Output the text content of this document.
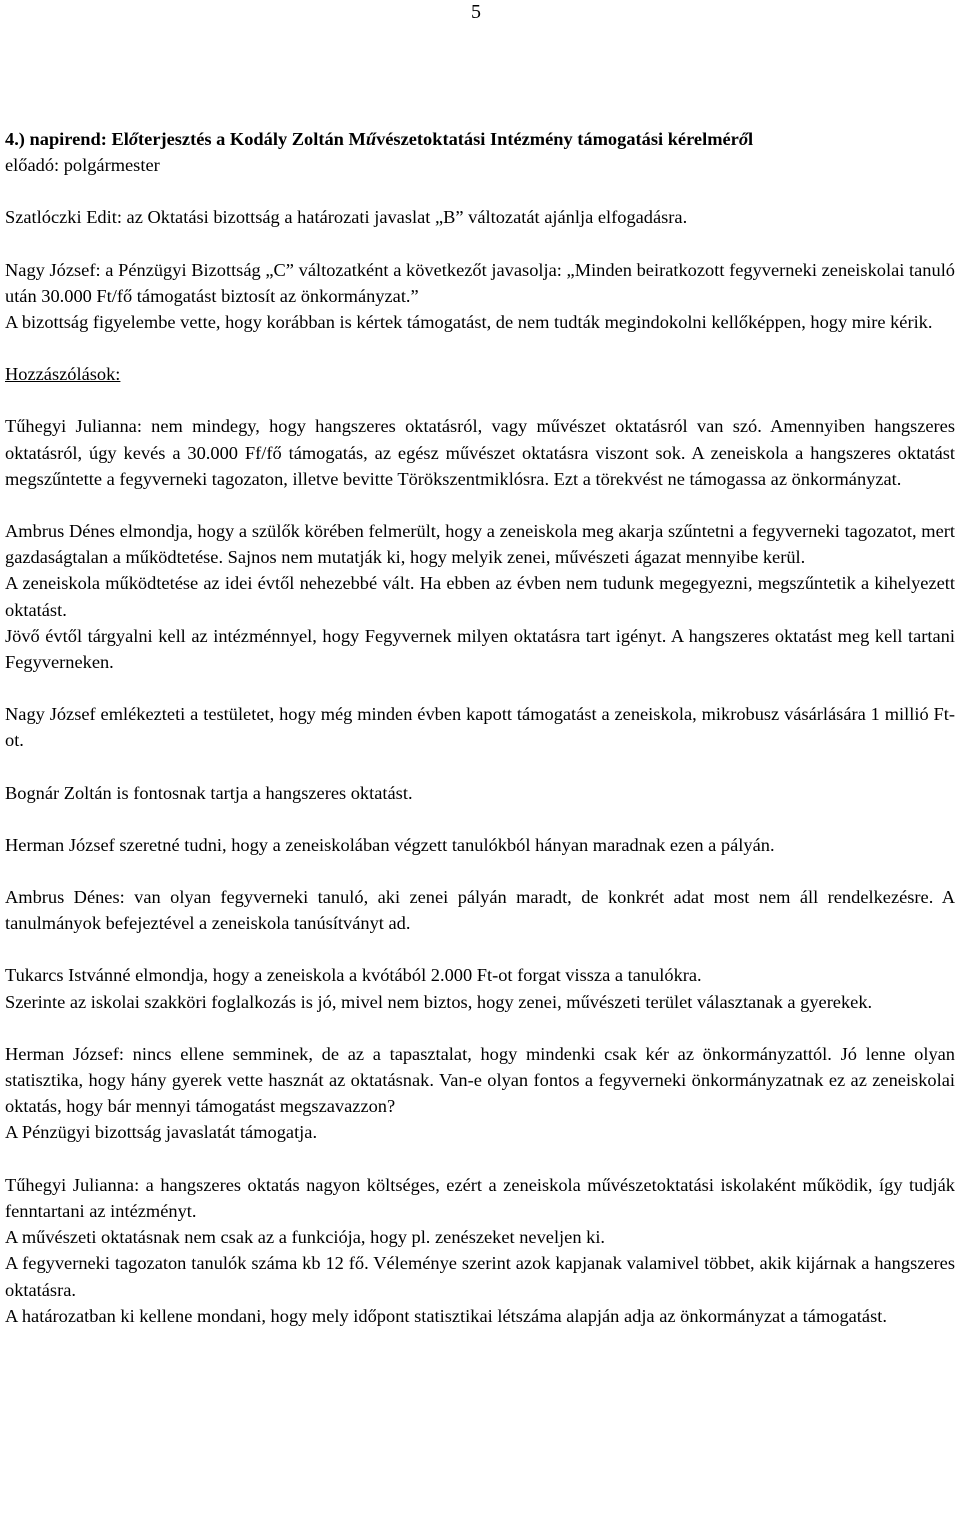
5

4.) napirend: Előterjesztés a Kodály Zoltán Művészetoktatási Intézmény támogatási kérelméről

előadó: polgármester

Szatlóczki Edit: az Oktatási bizottság a határozati javaslat „B” változatát ajánlja elfogadásra.

Nagy József: a Pénzügyi Bizottság „C” változatként a következőt javasolja: „Minden beiratkozott fegyverneki zeneiskolai tanuló után 30.000 Ft/fő támogatást biztosít az önkormányzat.”

A bizottság figyelembe vette, hogy korábban is kértek támogatást, de nem tudták megindokolni kellőképpen, hogy mire kérik.

Hozzászólások:

Tűhegyi Julianna: nem mindegy, hogy hangszeres oktatásról, vagy művészet oktatásról van szó. Amennyiben hangszeres oktatásról, úgy kevés a 30.000 Ff/fő támogatás, az egész művészet oktatásra viszont sok. A zeneiskola a hangszeres oktatást megszűntette a fegyverneki tagozaton, illetve bevitte Törökszentmiklósra. Ezt a törekvést ne támogassa az önkormányzat.

Ambrus Dénes elmondja, hogy a szülők körében felmerült, hogy a zeneiskola meg akarja szűntetni a fegyverneki tagozatot, mert gazdaságtalan a működtetése. Sajnos nem mutatják ki, hogy melyik zenei, művészeti ágazat mennyibe kerül.

A zeneiskola működtetése az idei évtől nehezebbé vált. Ha ebben az évben nem tudunk megegyezni, megszűntetik a kihelyezett oktatást.

Jövő évtől tárgyalni kell az intézménnyel, hogy Fegyvernek milyen oktatásra tart igényt. A hangszeres oktatást meg kell tartani Fegyverneken.

Nagy József emlékezteti a testületet, hogy még minden évben kapott támogatást a zeneiskola, mikrobusz vásárlására 1 millió Ft-ot.

Bognár Zoltán is fontosnak tartja a hangszeres oktatást.

Herman József szeretné tudni, hogy a zeneiskolában végzett tanulókból hányan maradnak ezen a pályán.

Ambrus Dénes: van olyan fegyverneki tanuló, aki zenei pályán maradt, de konkrét adat most nem áll rendelkezésre. A tanulmányok befejeztével a zeneiskola tanúsítványt ad.

Tukarcs Istvánné elmondja, hogy a zeneiskola a kvótából 2.000 Ft-ot forgat vissza a tanulókra.

Szerinte az iskolai szakköri foglalkozás is jó, mivel nem biztos, hogy zenei, művészeti terület választanak a gyerekek.

Herman József: nincs ellene semminek, de az a tapasztalat, hogy mindenki csak kér az önkormányzattól. Jó lenne olyan statisztika, hogy hány gyerek vette hasznát az oktatásnak. Van-e olyan fontos a fegyverneki önkormányzatnak ez az zeneiskolai oktatás, hogy bár mennyi támogatást megszavazzon?

A Pénzügyi bizottság javaslatát támogatja.

Tűhegyi Julianna: a hangszeres oktatás nagyon költséges, ezért a zeneiskola művészetoktatási iskolaként működik, így tudják fenntartani az intézményt.

A művészeti oktatásnak nem csak az a funkciója, hogy pl. zenészeket neveljen ki.

A fegyverneki tagozaton tanulók száma kb 12 fő. Véleménye szerint azok kapjanak valamivel többet, akik kijárnak a hangszeres oktatásra.

A határozatban ki kellene mondani, hogy mely időpont statisztikai létszáma alapján adja az önkormányzat a támogatást.
